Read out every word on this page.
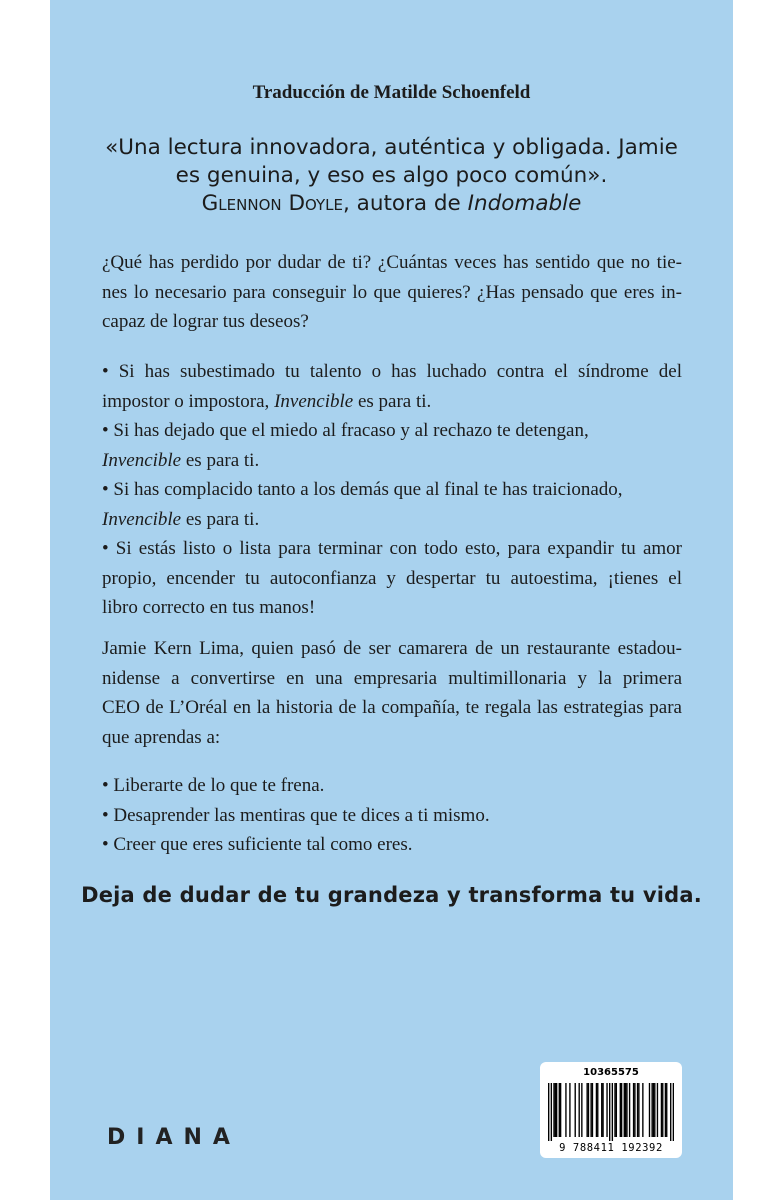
Traducción de Matilde Schoenfeld
«Una lectura innovadora, auténtica y obligada. Jamie
es genuina, y eso es algo poco común».
Glennon Doyle, autora de Indomable
¿Qué has perdido por dudar de ti? ¿Cuántas veces has sentido que no tie-
nes lo necesario para conseguir lo que quieres? ¿Has pensado que eres in-
capaz de lograr tus deseos?
• Si has subestimado tu talento o has luchado contra el síndrome del
impostor o impostora, Invencible es para ti.
• Si has dejado que el miedo al fracaso y al rechazo te detengan,
Invencible es para ti.
• Si has complacido tanto a los demás que al final te has traicionado,
Invencible es para ti.
• Si estás listo o lista para terminar con todo esto, para expandir tu amor
propio, encender tu autoconfianza y despertar tu autoestima, ¡tienes el
libro correcto en tus manos!
Jamie Kern Lima, quien pasó de ser camarera de un restaurante estadou-
nidense a convertirse en una empresaria multimillonaria y la primera
CEO de L’Oréal en la historia de la compañía, te regala las estrategias para
que aprendas a:
• Liberarte de lo que te frena.
• Desaprender las mentiras que te dices a ti mismo.
• Creer que eres suficiente tal como eres.
Deja de dudar de tu grandeza y transforma tu vida.
DIANA
10365575
9 788411 192392
